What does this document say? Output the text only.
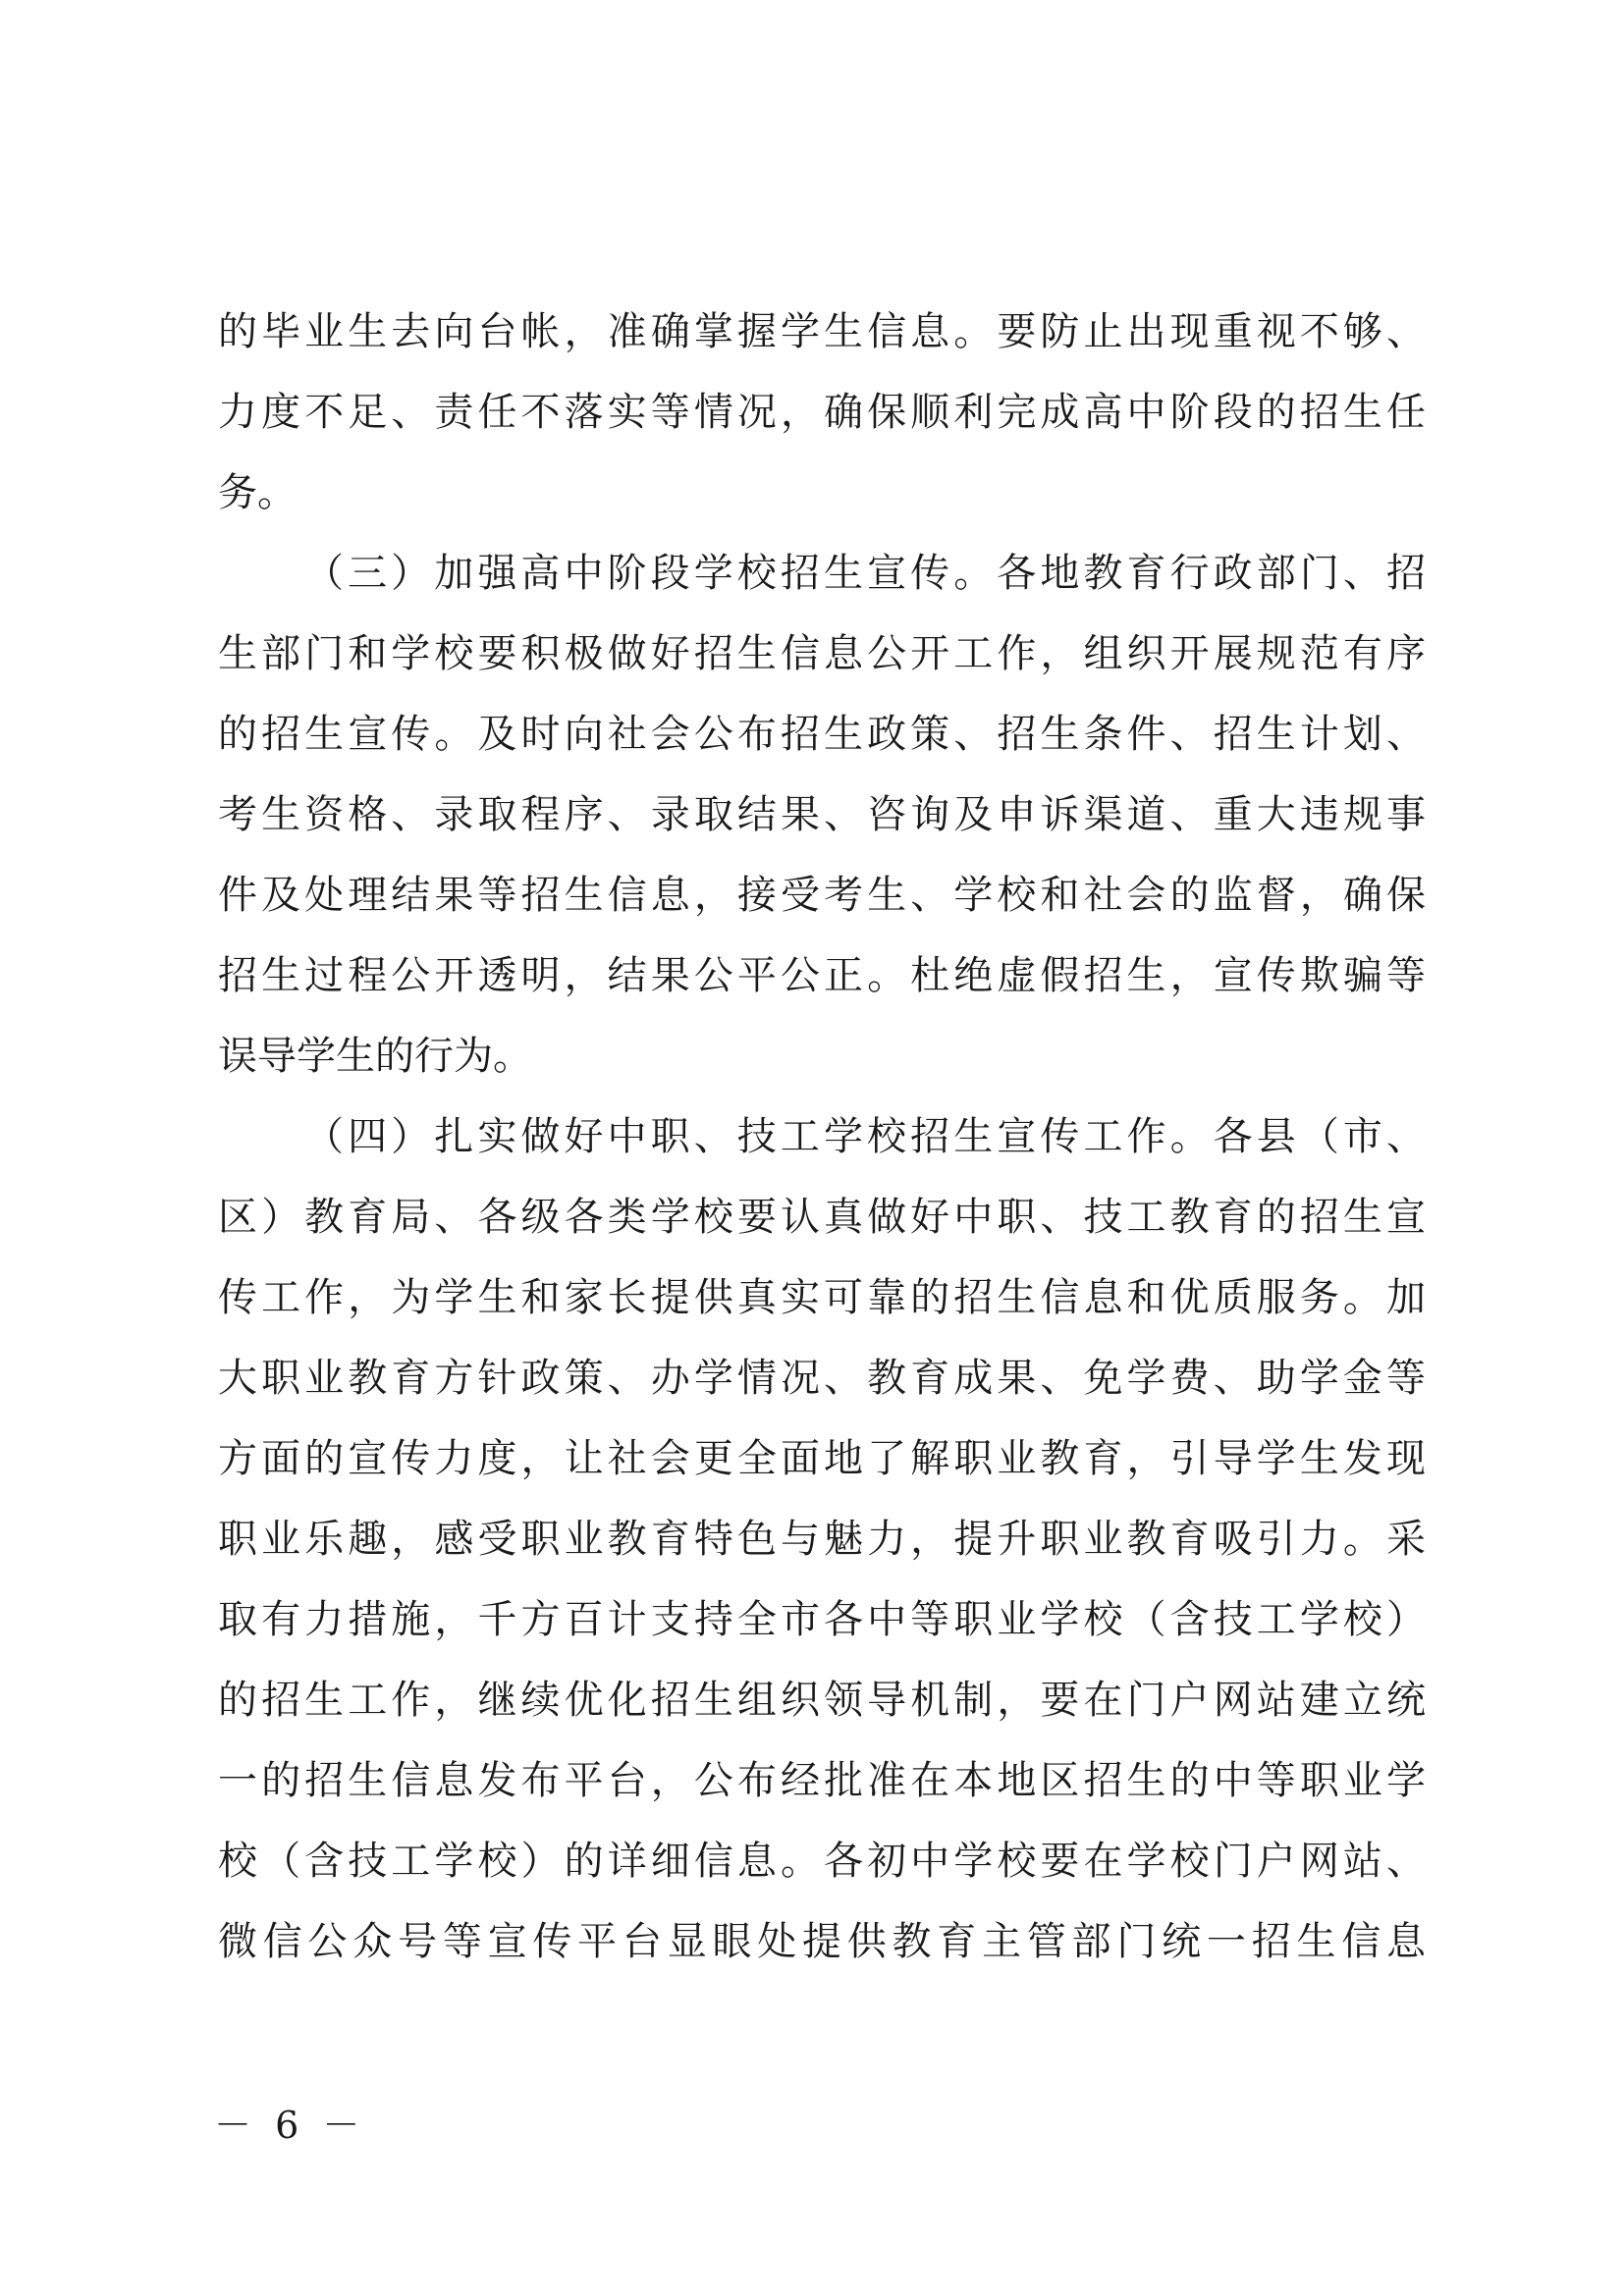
的毕业生去向台帐，准确掌握学生信息。要防止出现重视不够、
力度不足、责任不落实等情况，确保顺利完成高中阶段的招生任
务。
（三）加强高中阶段学校招生宣传。各地教育行政部门、招
生部门和学校要积极做好招生信息公开工作，组织开展规范有序
的招生宣传。及时向社会公布招生政策、招生条件、招生计划、
考生资格、录取程序、录取结果、咨询及申诉渠道、重大违规事
件及处理结果等招生信息，接受考生、学校和社会的监督，确保
招生过程公开透明，结果公平公正。杜绝虚假招生，宣传欺骗等
误导学生的行为。
（四）扎实做好中职、技工学校招生宣传工作。各县（市、
区）教育局、各级各类学校要认真做好中职、技工教育的招生宣
传工作，为学生和家长提供真实可靠的招生信息和优质服务。加
大职业教育方针政策、办学情况、教育成果、免学费、助学金等
方面的宣传力度，让社会更全面地了解职业教育，引导学生发现
职业乐趣，感受职业教育特色与魅力，提升职业教育吸引力。采
取有力措施，千方百计支持全市各中等职业学校（含技工学校）
的招生工作，继续优化招生组织领导机制，要在门户网站建立统
一的招生信息发布平台，公布经批准在本地区招生的中等职业学
校（含技工学校）的详细信息。各初中学校要在学校门户网站、
微信公众号等宣传平台显眼处提供教育主管部门统一招生信息
－ 6 －
